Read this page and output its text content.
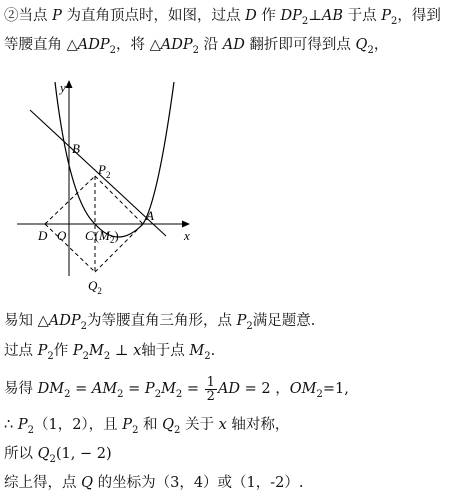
②当点 P 为直角顶点时，如图，过点 D 作 $DP_2\perp AB$ 于点 $P_2$，得到
等腰直角 $\triangle ADP_2$，将 $\triangle ADP_2$ 沿 AD 翻折即可得到点 $Q_2$，
y
x
B
$P_2$
A
D O $C(M_2)$
$Q_2$
易知 $\triangle ADP_2$为等腰直角三角形，点 $P_2$满足题意.
过点 $P_2$作 $P_2M_2$ ⊥ x轴于点 $M_2$.
易得 $DM_2 = AM_2 = P_2M_2 = \frac{1}{2}$ AD = 2 ，$OM_2=1$,
∴ $P_2(1$，2），且 $P_2$ 和 $Q_2$ 关于 x 轴对称，
所以 $Q_2(1$, − 2)
综上得，点 Q 的坐标为（3，4）或（1，-2）.
